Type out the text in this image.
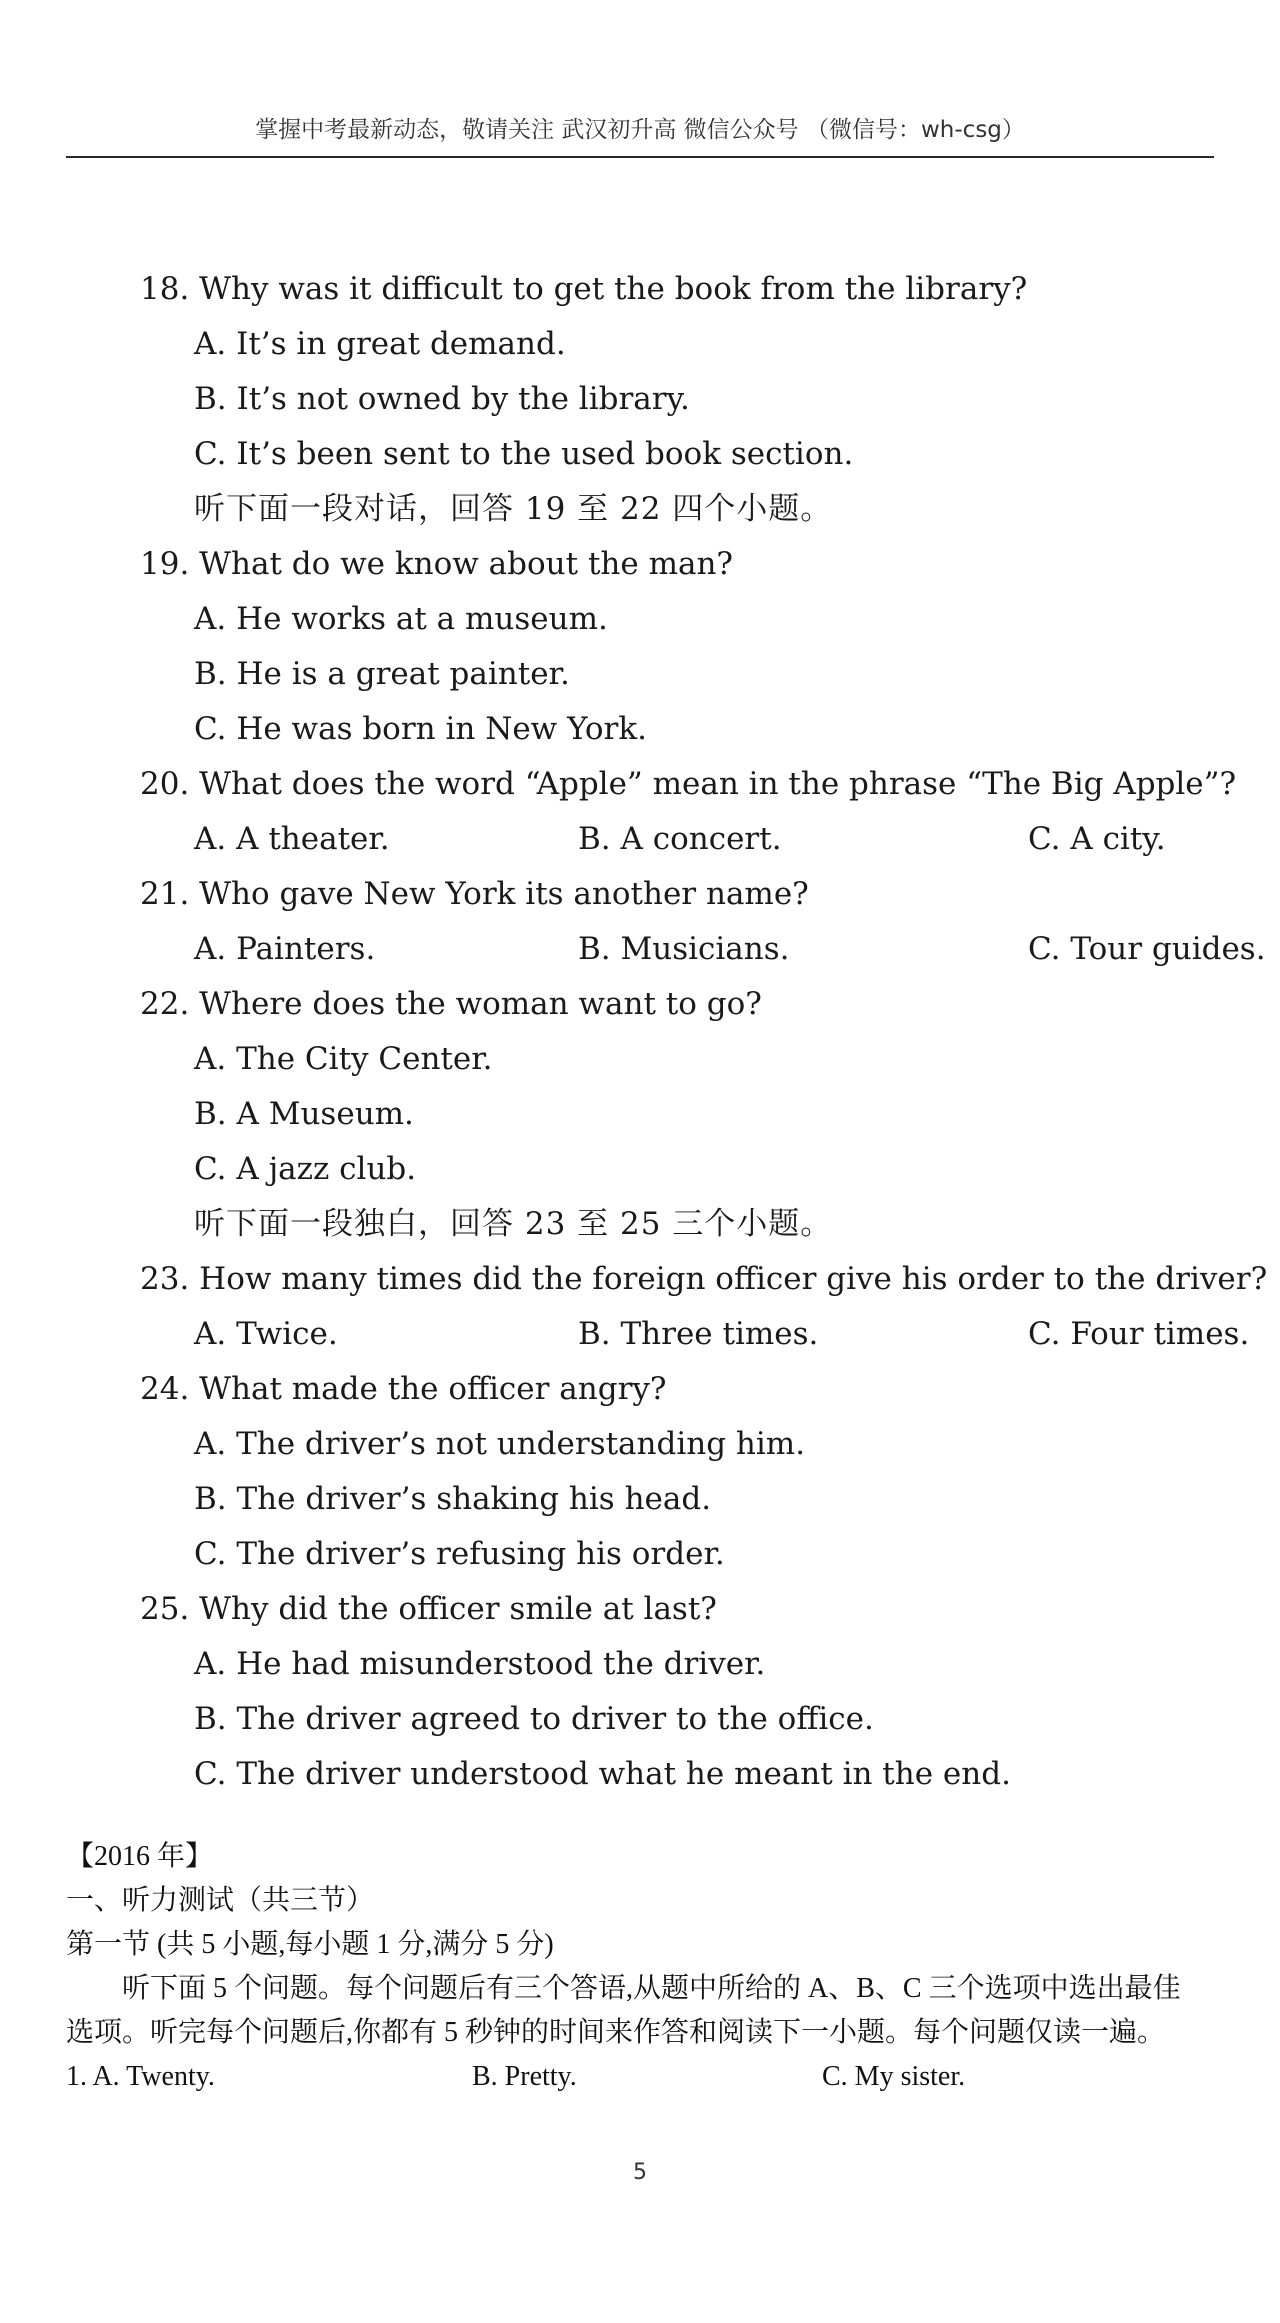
掌握中考最新动态，敬请关注 武汉初升高 微信公众号 （微信号：wh-csg）
18. Why was it difficult to get the book from the library?
A. It’s in great demand.
B. It’s not owned by the library.
C. It’s been sent to the used book section.
听下面一段对话，回答 19 至 22 四个小题。
19. What do we know about the man?
A. He works at a museum.
B. He is a great painter.
C. He was born in New York.
20. What does the word “Apple” mean in the phrase “The Big Apple”?
A. A theater.	B. A concert.	C. A city.
21. Who gave New York its another name?
A. Painters.	B. Musicians.	C. Tour guides.
22. Where does the woman want to go?
A. The City Center.
B. A Museum.
C. A jazz club.
听下面一段独白，回答 23 至 25 三个小题。
23. How many times did the foreign officer give his order to the driver?
A. Twice.	B. Three times.	C. Four times.
24. What made the officer angry?
A. The driver’s not understanding him.
B. The driver’s shaking his head.
C. The driver’s refusing his order.
25. Why did the officer smile at last?
A. He had misunderstood the driver.
B. The driver agreed to driver to the office.
C. The driver understood what he meant in the end.
【2016 年】
一、听力测试（共三节）
第一节 (共 5 小题,每小题 1 分,满分 5 分)
听下面 5 个问题。每个问题后有三个答语,从题中所给的 A、B、C 三个选项中选出最佳
选项。听完每个问题后,你都有 5 秒钟的时间来作答和阅读下一小题。每个问题仅读一遍。
1. A. Twenty.	B. Pretty.	C. My sister.
5
